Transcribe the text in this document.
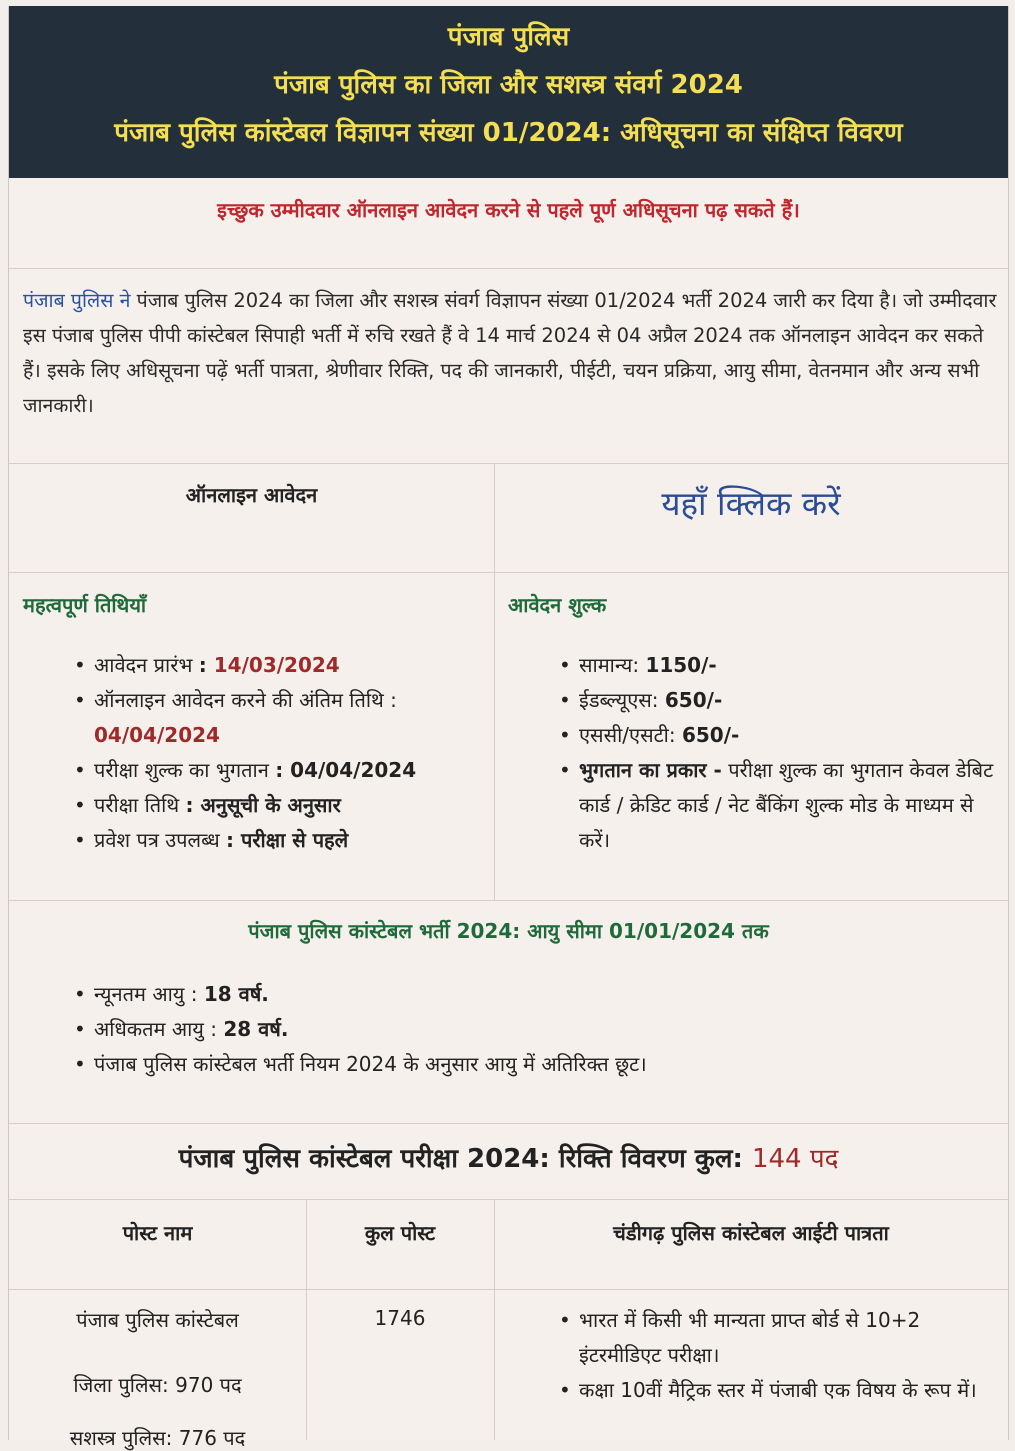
पंजाब पुलिस
पंजाब पुलिस का जिला और सशस्त्र संवर्ग 2024
पंजाब पुलिस कांस्टेबल विज्ञापन संख्या 01/2024: अधिसूचना का संक्षिप्त विवरण
इच्छुक उम्मीदवार ऑनलाइन आवेदन करने से पहले पूर्ण अधिसूचना पढ़ सकते हैं।
पंजाब पुलिस ने पंजाब पुलिस 2024 का जिला और सशस्त्र संवर्ग विज्ञापन संख्या 01/2024 भर्ती 2024 जारी कर दिया है। जो उम्मीदवार इस पंजाब पुलिस पीपी कांस्टेबल सिपाही भर्ती में रुचि रखते हैं वे 14 मार्च 2024 से 04 अप्रैल 2024 तक ऑनलाइन आवेदन कर सकते हैं। इसके लिए अधिसूचना पढ़ें भर्ती पात्रता, श्रेणीवार रिक्ति, पद की जानकारी, पीईटी, चयन प्रक्रिया, आयु सीमा, वेतनमान और अन्य सभी जानकारी।
ऑनलाइन आवेदन	यहाँ क्लिक करें
महत्वपूर्ण तिथियाँ
• आवेदन प्रारंभ : 14/03/2024
• ऑनलाइन आवेदन करने की अंतिम तिथि :
04/04/2024
• परीक्षा शुल्क का भुगतान : 04/04/2024
• परीक्षा तिथि : अनुसूची के अनुसार
• प्रवेश पत्र उपलब्ध : परीक्षा से पहले
आवेदन शुल्क
• सामान्य: 1150/-
• ईडब्ल्यूएस: 650/-
• एससी/एसटी: 650/-
• भुगतान का प्रकार - परीक्षा शुल्क का भुगतान केवल डेबिट कार्ड / क्रेडिट कार्ड / नेट बैंकिंग शुल्क मोड के माध्यम से करें।
पंजाब पुलिस कांस्टेबल भर्ती 2024: आयु सीमा 01/01/2024 तक
• न्यूनतम आयु : 18 वर्ष.
• अधिकतम आयु : 28 वर्ष.
• पंजाब पुलिस कांस्टेबल भर्ती नियम 2024 के अनुसार आयु में अतिरिक्त छूट।
पंजाब पुलिस कांस्टेबल परीक्षा 2024: रिक्ति विवरण कुल: 144 पद
पोस्ट नाम	कुल पोस्ट	चंडीगढ़ पुलिस कांस्टेबल आईटी पात्रता
पंजाब पुलिस कांस्टेबल
जिला पुलिस: 970 पद
सशस्त्र पुलिस: 776 पद
1746
•	भारत में किसी भी मान्यता प्राप्त बोर्ड से 10+2 इंटरमीडिएट परीक्षा।
• कक्षा 10वीं मैट्रिक स्तर में पंजाबी एक विषय के रूप में।
